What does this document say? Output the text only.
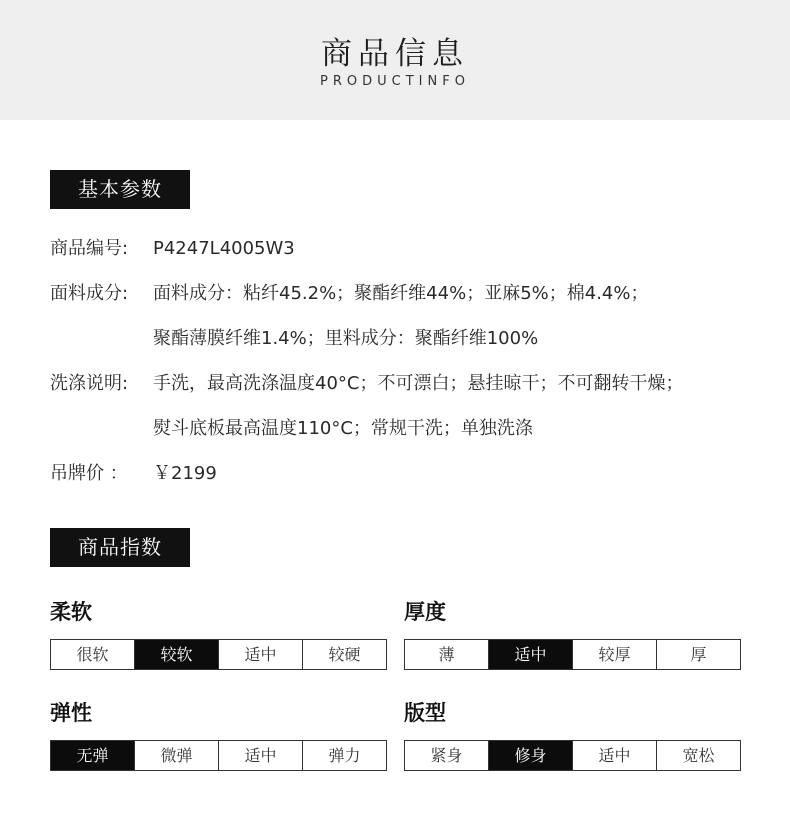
商品信息
PRODUCTINFO
基本参数
商品编号: P4247L4005W3
面料成分: 面料成分：粘纤45.2%；聚酯纤维44%；亚麻5%；棉4.4%；
聚酯薄膜纤维1.4%；里料成分：聚酯纤维100%
洗涤说明: 手洗，最高洗涤温度40°C；不可漂白；悬挂晾干；不可翻转干燥；
熨斗底板最高温度110°C；常规干洗；单独洗涤
吊牌价 ： ￥2199
商品指数
柔软
很软	较软	适中	较硬
厚度
薄	适中	较厚	厚
弹性
无弹	微弹	适中	弹力
版型
紧身	修身	适中	宽松
